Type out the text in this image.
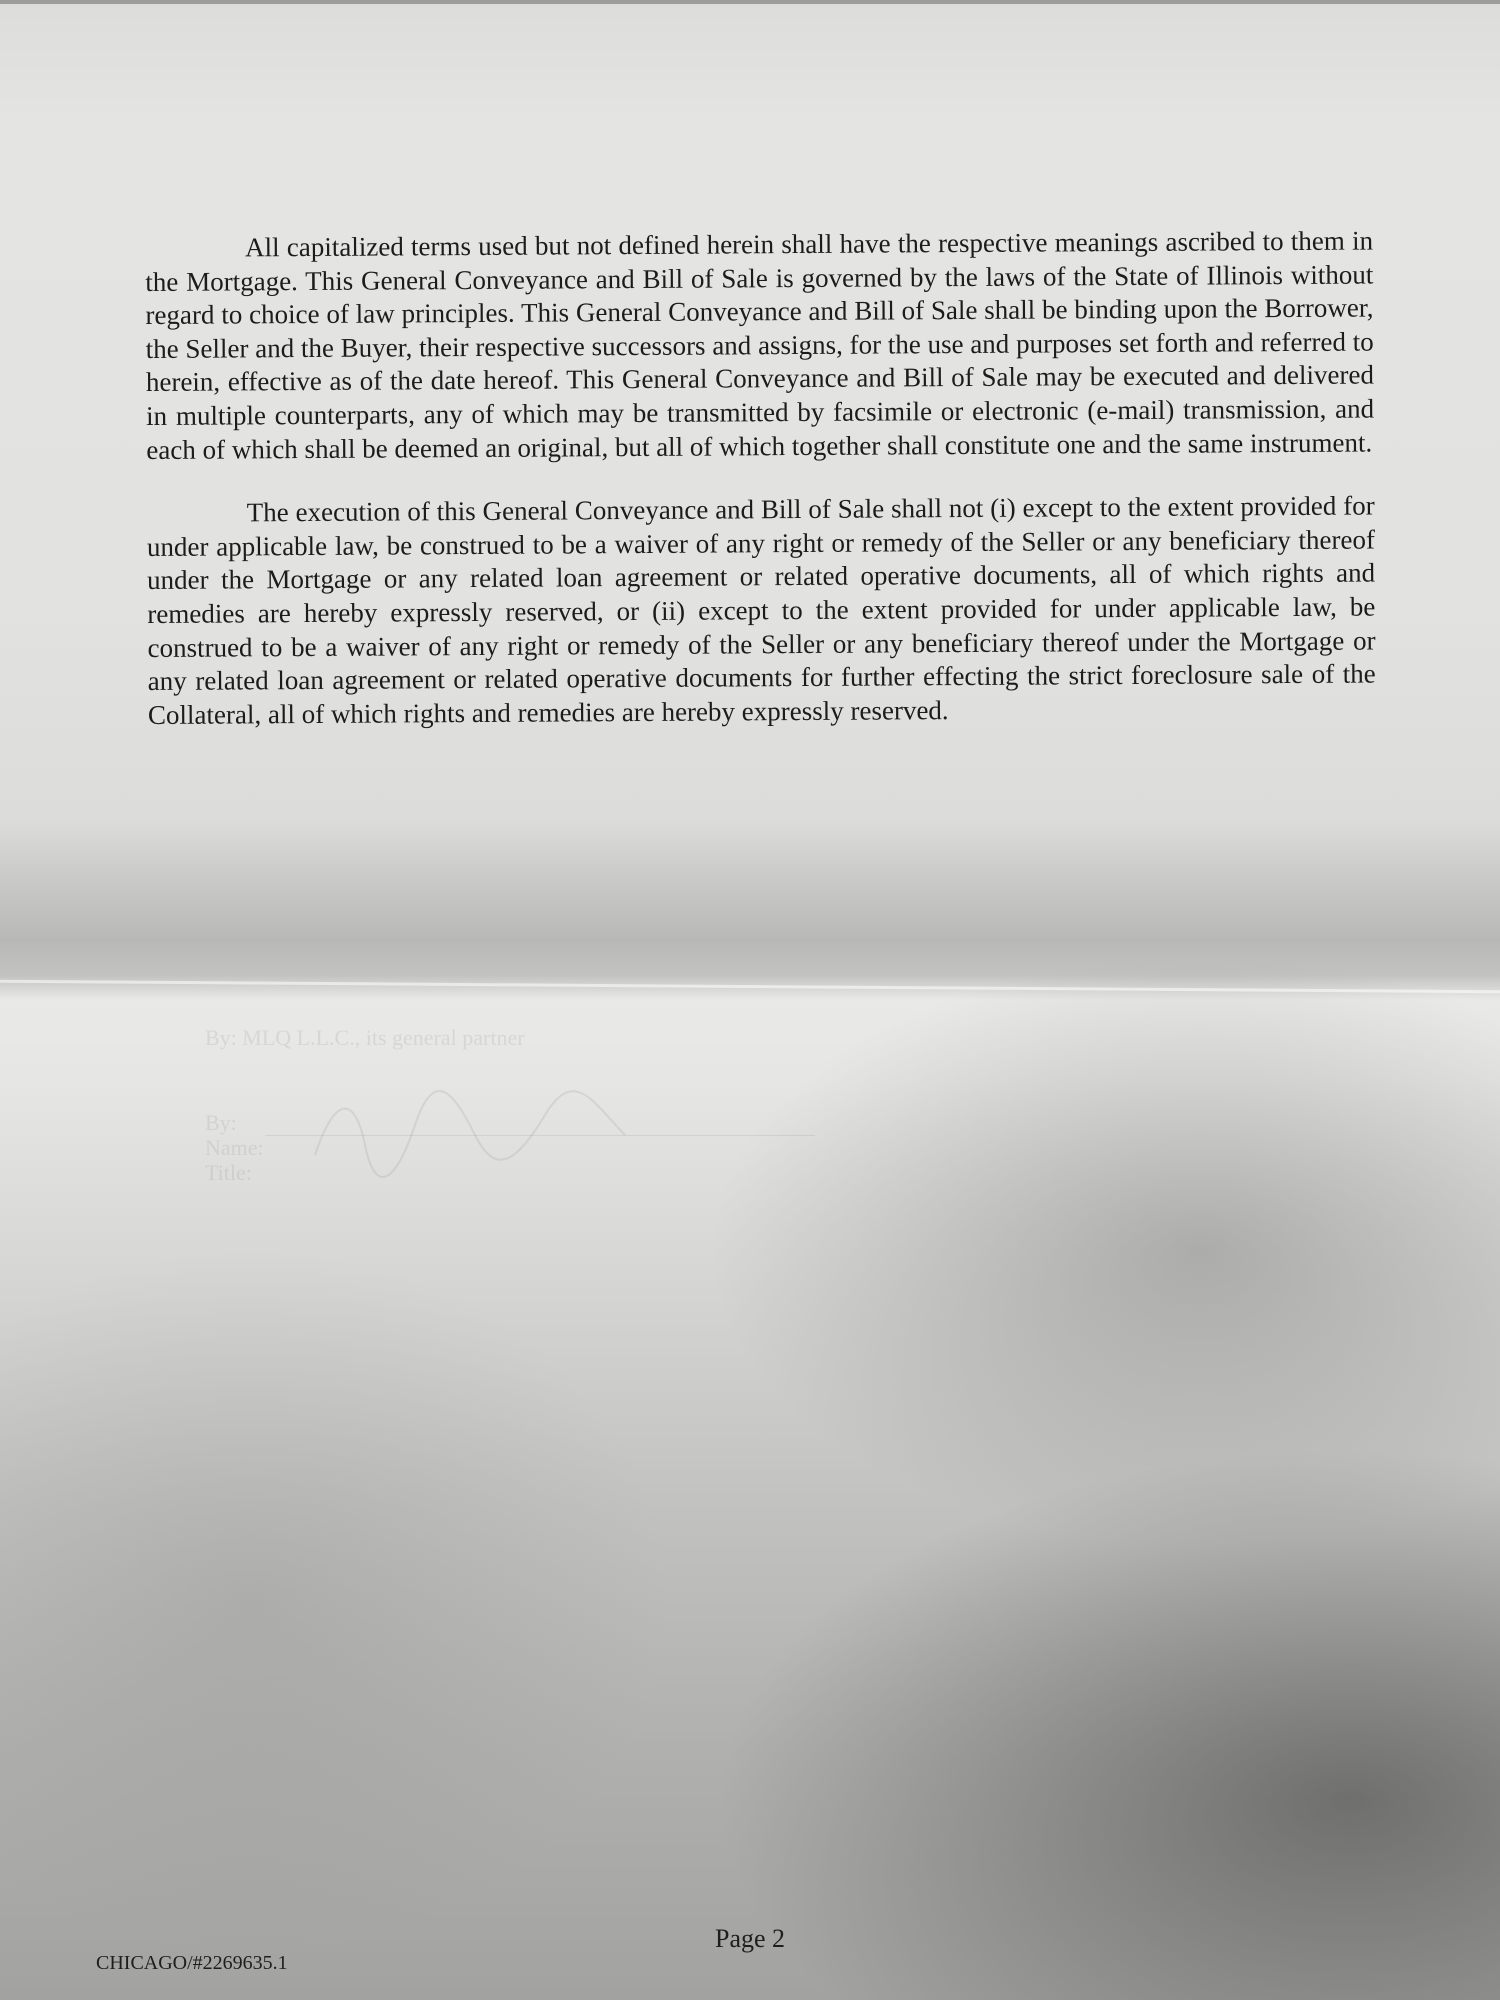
All capitalized terms used but not defined herein shall have the respective meanings ascribed to them in the Mortgage. This General Conveyance and Bill of Sale is governed by the laws of the State of Illinois without regard to choice of law principles. This General Conveyance and Bill of Sale shall be binding upon the Borrower, the Seller and the Buyer, their respective successors and assigns, for the use and purposes set forth and referred to herein, effective as of the date hereof. This General Conveyance and Bill of Sale may be executed and delivered in multiple counterparts, any of which may be transmitted by facsimile or electronic (e-mail) transmission, and each of which shall be deemed an original, but all of which together shall constitute one and the same instrument.

The execution of this General Conveyance and Bill of Sale shall not (i) except to the extent provided for under applicable law, be construed to be a waiver of any right or remedy of the Seller or any beneficiary thereof under the Mortgage or any related loan agreement or related operative documents, all of which rights and remedies are hereby expressly reserved, or (ii) except to the extent provided for under applicable law, be construed to be a waiver of any right or remedy of the Seller or any beneficiary thereof under the Mortgage or any related loan agreement or related operative documents for further effecting the strict foreclosure sale of the Collateral, all of which rights and remedies are hereby expressly reserved.

By: MLQ L.L.C., its general partner
By:
Name:
Title:
Page 2
CHICAGO/#2269635.1
